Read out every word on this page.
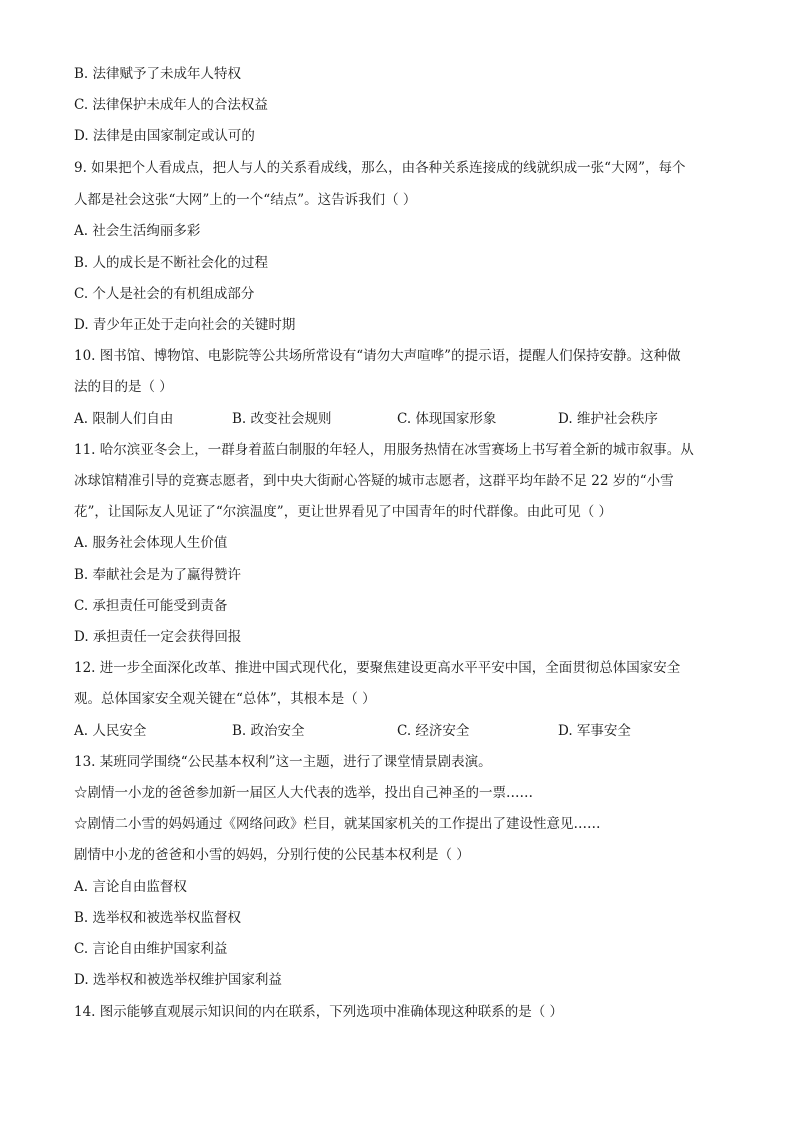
B. 法律赋予了未成年人特权
C. 法律保护未成年人的合法权益
D. 法律是由国家制定或认可的
9. 如果把个人看成点，把人与人的关系看成线，那么，由各种关系连接成的线就织成一张“大网”，每个
人都是社会这张“大网”上的一个“结点”。这告诉我们（ ）
A. 社会生活绚丽多彩
B. 人的成长是不断社会化的过程
C. 个人是社会的有机组成部分
D. 青少年正处于走向社会的关键时期
10. 图书馆、博物馆、电影院等公共场所常设有“请勿大声喧哗”的提示语，提醒人们保持安静。这种做
法的目的是（ ）
A. 限制人们自由	B. 改变社会规则	C. 体现国家形象	D. 维护社会秩序
11. 哈尔滨亚冬会上，一群身着蓝白制服的年轻人，用服务热情在冰雪赛场上书写着全新的城市叙事。从
冰球馆精准引导的竞赛志愿者，到中央大街耐心答疑的城市志愿者，这群平均年龄不足 22 岁的“小雪
花”，让国际友人见证了“尔滨温度”，更让世界看见了中国青年的时代群像。由此可见（ ）
A. 服务社会体现人生价值
B. 奉献社会是为了赢得赞许
C. 承担责任可能受到责备
D. 承担责任一定会获得回报
12. 进一步全面深化改革、推进中国式现代化，要聚焦建设更高水平平安中国，全面贯彻总体国家安全
观。总体国家安全观关键在“总体”，其根本是（ ）
A. 人民安全	B. 政治安全	C. 经济安全	D. 军事安全
13. 某班同学围绕“公民基本权利”这一主题，进行了课堂情景剧表演。
☆剧情一小龙的爸爸参加新一届区人大代表的选举，投出自己神圣的一票……
☆剧情二小雪的妈妈通过《网络问政》栏目，就某国家机关的工作提出了建设性意见……
剧情中小龙的爸爸和小雪的妈妈，分别行使的公民基本权利是（ ）
A. 言论自由监督权
B. 选举权和被选举权监督权
C. 言论自由维护国家利益
D. 选举权和被选举权维护国家利益
14. 图示能够直观展示知识间的内在联系，下列选项中准确体现这种联系的是（ ）
